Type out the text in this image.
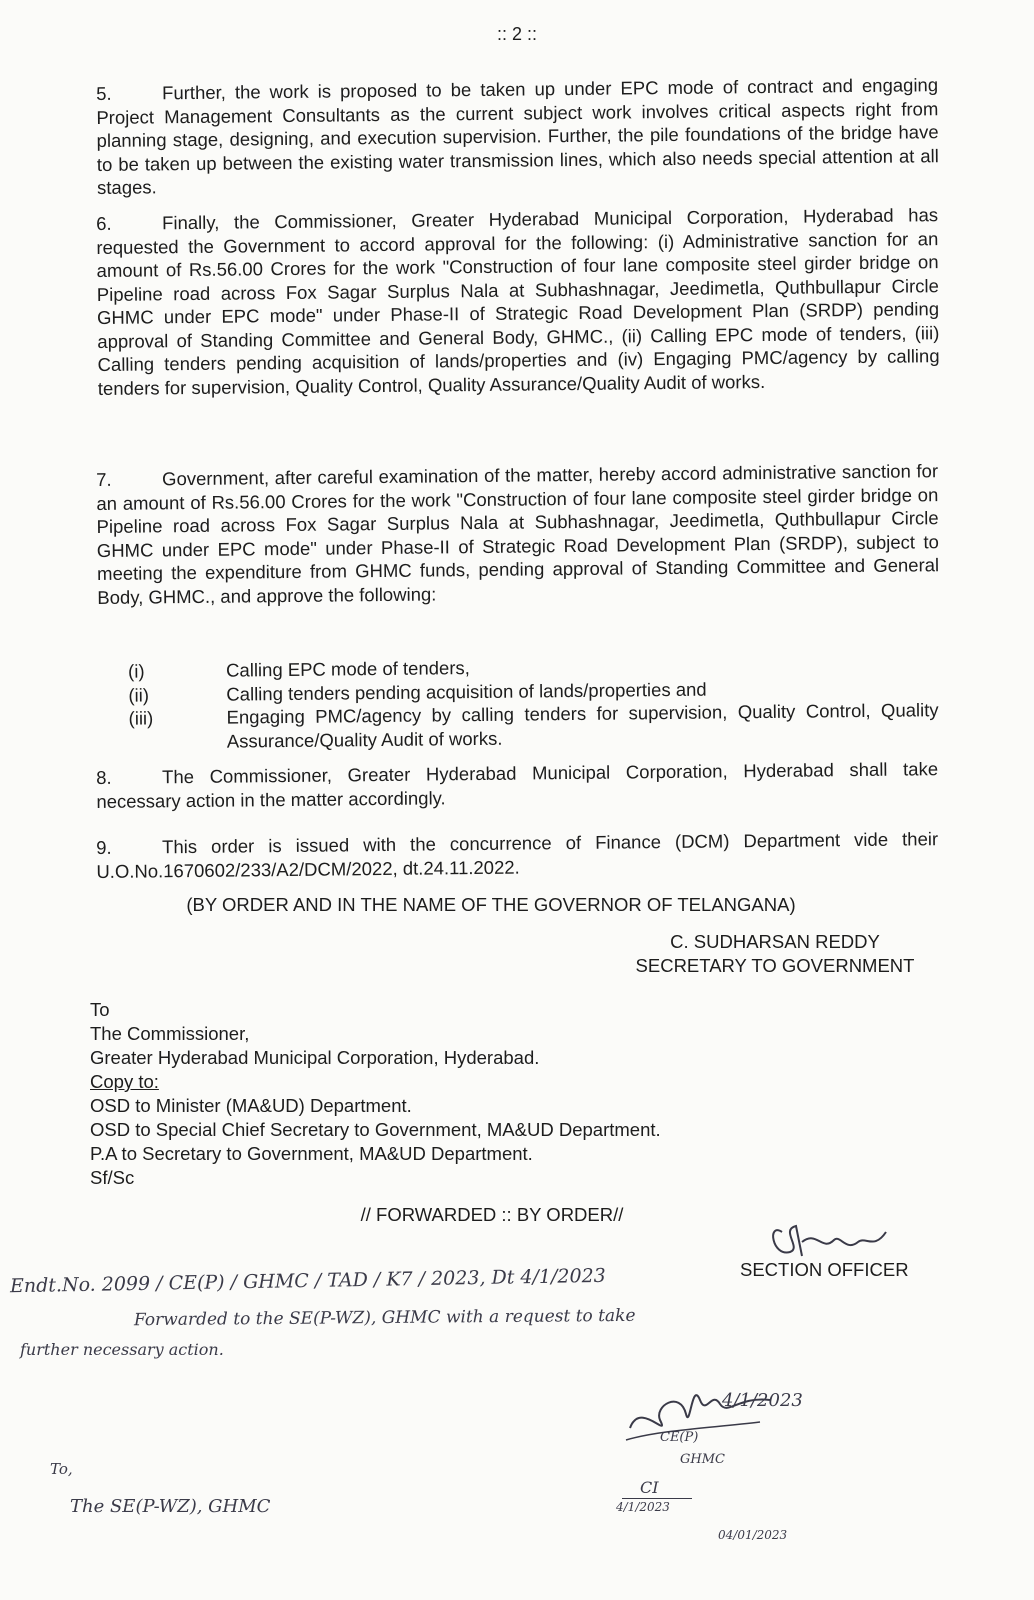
:: 2 ::
5.	Further, the work is proposed to be taken up under EPC mode of contract and engaging Project Management Consultants as the current subject work involves critical aspects right from planning stage, designing, and execution supervision. Further, the pile foundations of the bridge have to be taken up between the existing water transmission lines, which also needs special attention at all stages.
6.	Finally, the Commissioner, Greater Hyderabad Municipal Corporation, Hyderabad has requested the Government to accord approval for the following: (i) Administrative sanction for an amount of Rs.56.00 Crores for the work "Construction of four lane composite steel girder bridge on Pipeline road across Fox Sagar Surplus Nala at Subhashnagar, Jeedimetla, Quthbullapur Circle GHMC under EPC mode" under Phase-II of Strategic Road Development Plan (SRDP) pending approval of Standing Committee and General Body, GHMC., (ii) Calling EPC mode of tenders, (iii) Calling tenders pending acquisition of lands/properties and (iv) Engaging PMC/agency by calling tenders for supervision, Quality Control, Quality Assurance/Quality Audit of works.
7.	Government, after careful examination of the matter, hereby accord administrative sanction for an amount of Rs.56.00 Crores for the work "Construction of four lane composite steel girder bridge on Pipeline road across Fox Sagar Surplus Nala at Subhashnagar, Jeedimetla, Quthbullapur Circle GHMC under EPC mode" under Phase-II of Strategic Road Development Plan (SRDP), subject to meeting the expenditure from GHMC funds, pending approval of Standing Committee and General Body, GHMC., and approve the following:
(i)	Calling EPC mode of tenders,
(ii)	Calling tenders pending acquisition of lands/properties and
(iii)	Engaging PMC/agency by calling tenders for supervision, Quality Control, Quality Assurance/Quality Audit of works.
8.	The Commissioner, Greater Hyderabad Municipal Corporation, Hyderabad shall take necessary action in the matter accordingly.
9.	This order is issued with the concurrence of Finance (DCM) Department vide their U.O.No.1670602/233/A2/DCM/2022, dt.24.11.2022.
(BY ORDER AND IN THE NAME OF THE GOVERNOR OF TELANGANA)
C. SUDHARSAN REDDY
SECRETARY TO GOVERNMENT
To
The Commissioner,
Greater Hyderabad Municipal Corporation, Hyderabad.
Copy to:
OSD to Minister (MA&UD) Department.
OSD to Special Chief Secretary to Government, MA&UD Department.
P.A to Secretary to Government, MA&UD Department.
Sf/Sc
// FORWARDED :: BY ORDER//
SECTION OFFICER
Endt.No. 2099 / CE(P) / GHMC / TAD / K7 / 2023, Dt 4/1/2023
Forwarded to the SE(P-WZ), GHMC with a request to take
further necessary action.
4/1/2023
CE(P)
GHMC
CI
4/1/2023
04/01/2023
To,
The SE(P-WZ), GHMC
